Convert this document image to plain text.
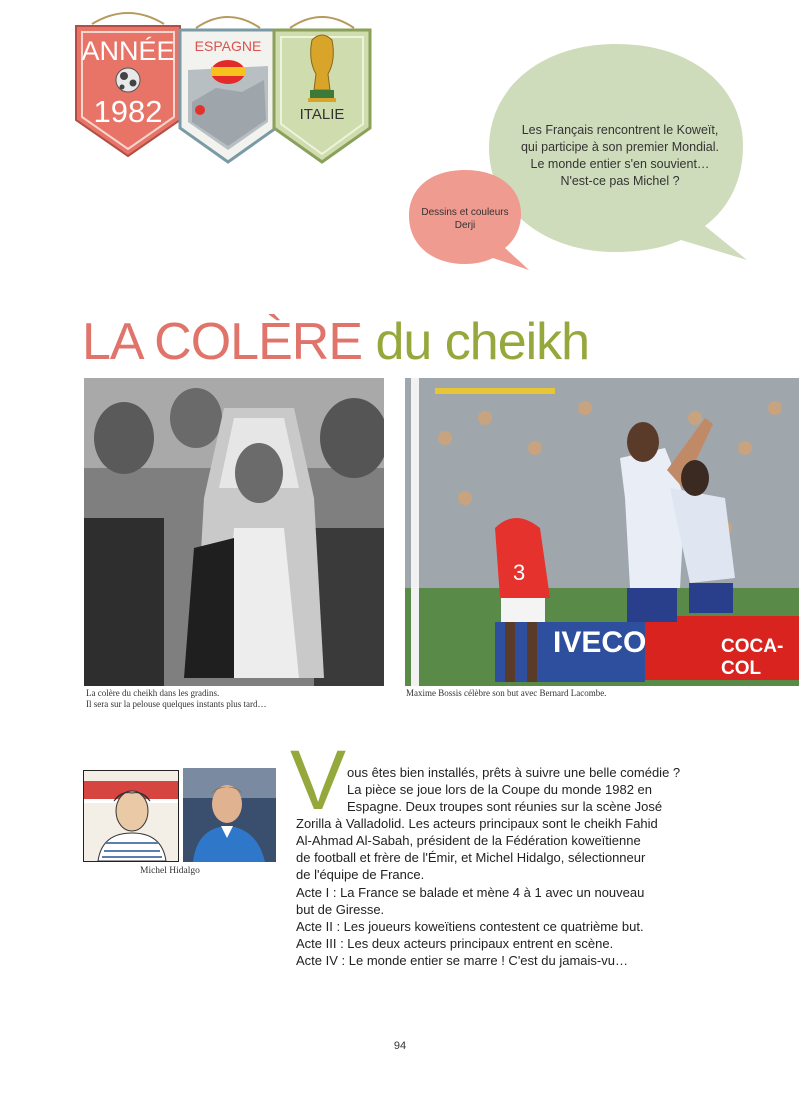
ANNÉE
1982
ESPAGNE
ITALIE
Les Français rencontrent le Koweït,
qui participe à son premier Mondial.
Le monde entier s'en souvient…
N'est-ce pas Michel ?
Dessins et couleurs
Derji
LA COLÈRE du cheikh
La colère du cheikh dans les gradins.
Il sera sur la pelouse quelques instants plus tard…
3
IVECO	COCA-COL
Maxime Bossis célèbre son but avec Bernard Lacombe.
Michel Hidalgo
V ous êtes bien installés, prêts à suivre une belle comédie ?
La pièce se joue lors de la Coupe du monde 1982 en
Espagne. Deux troupes sont réunies sur la scène José
Zorilla à Valladolid. Les acteurs principaux sont le cheikh Fahid
Al-Ahmad Al-Sabah, président de la Fédération koweïtienne
de football et frère de l'Émir, et Michel Hidalgo, sélectionneur
de l'équipe de France.
Acte I : La France se balade et mène 4 à 1 avec un nouveau
but de Giresse.
Acte II : Les joueurs koweïtiens contestent ce quatrième but.
Acte III : Les deux acteurs principaux entrent en scène.
Acte IV : Le monde entier se marre ! C'est du jamais-vu…
94
